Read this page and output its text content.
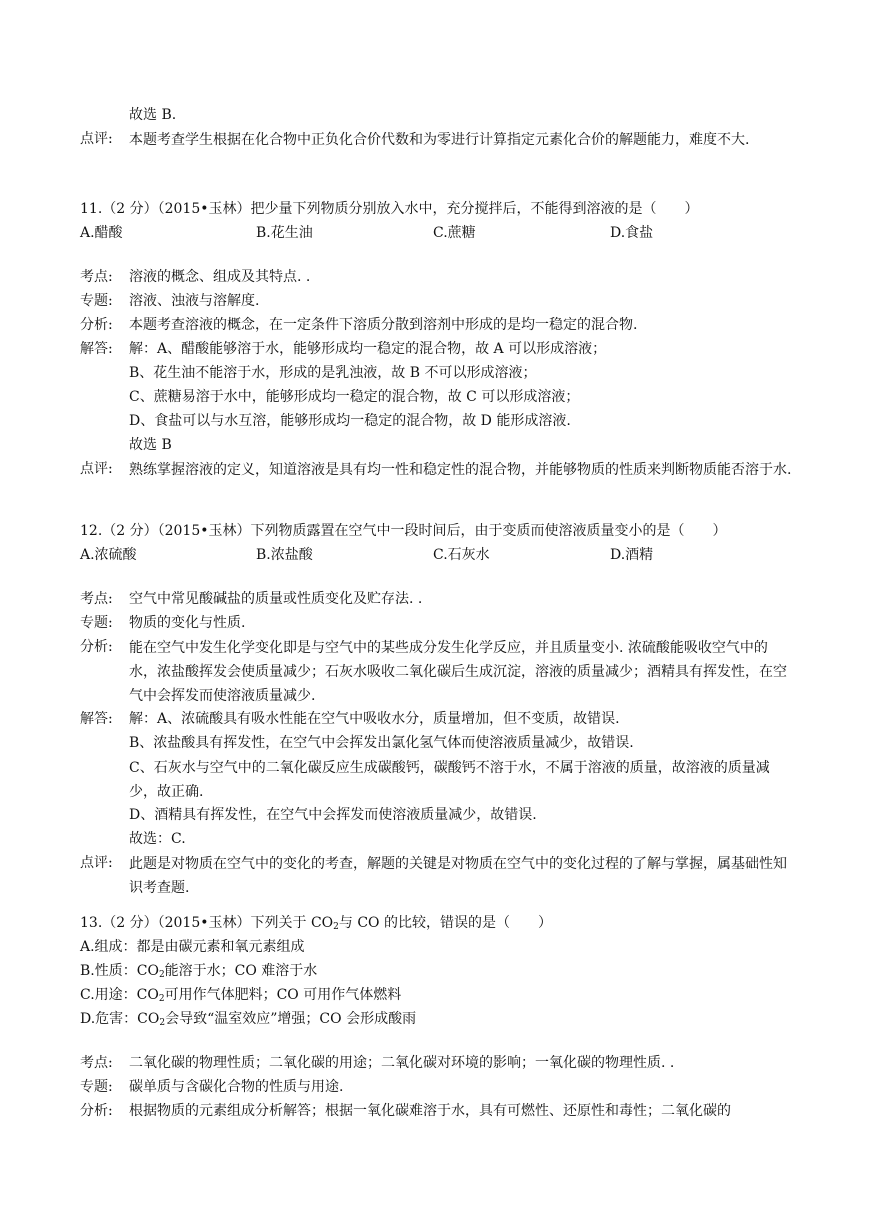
故选 B.
点评: 本题考查学生根据在化合物中正负化合价代数和为零进行计算指定元素化合价的解题能力，难度不大.
11.（2 分）（2015•玉林）把少量下列物质分别放入水中，充分搅拌后，不能得到溶液的是（　　）
A.醋酸	B.花生油	C.蔗糖	D.食盐
考点: 溶液的概念、组成及其特点. .
专题: 溶液、浊液与溶解度.
分析: 本题考查溶液的概念，在一定条件下溶质分散到溶剂中形成的是均一稳定的混合物.
解答: 解：A、醋酸能够溶于水，能够形成均一稳定的混合物，故 A 可以形成溶液；
B、花生油不能溶于水，形成的是乳浊液，故 B 不可以形成溶液；
C、蔗糖易溶于水中，能够形成均一稳定的混合物，故 C 可以形成溶液；
D、食盐可以与水互溶，能够形成均一稳定的混合物，故 D 能形成溶液.
故选 B
点评: 熟练掌握溶液的定义，知道溶液是具有均一性和稳定性的混合物，并能够物质的性质来判断物质能否溶于水.
12.（2 分）（2015•玉林）下列物质露置在空气中一段时间后，由于变质而使溶液质量变小的是（　　）
A.浓硫酸	B.浓盐酸	C.石灰水	D.酒精
考点: 空气中常见酸碱盐的质量或性质变化及贮存法. .
专题: 物质的变化与性质.
分析: 能在空气中发生化学变化即是与空气中的某些成分发生化学反应，并且质量变小. 浓硫酸能吸收空气中的水，浓盐酸挥发会使质量减少；石灰水吸收二氧化碳后生成沉淀，溶液的质量减少；酒精具有挥发性，在空气中会挥发而使溶液质量减少.
解答: 解：A、浓硫酸具有吸水性能在空气中吸收水分，质量增加，但不变质，故错误.
B、浓盐酸具有挥发性，在空气中会挥发出氯化氢气体而使溶液质量减少，故错误.
C、石灰水与空气中的二氧化碳反应生成碳酸钙，碳酸钙不溶于水，不属于溶液的质量，故溶液的质量减少，故正确.
D、酒精具有挥发性，在空气中会挥发而使溶液质量减少，故错误.
故选：C.
点评: 此题是对物质在空气中的变化的考查，解题的关键是对物质在空气中的变化过程的了解与掌握，属基础性知识考查题.
13.（2 分）（2015•玉林）下列关于 $CO_2$与 CO 的比较，错误的是（　　）
A.组成：都是由碳元素和氧元素组成
B.性质：$CO_2$能溶于水；CO 难溶于水
C.用途：$CO_2$可用作气体肥料；CO 可用作气体燃料
D.危害：$CO_2$会导致“温室效应”增强；CO 会形成酸雨
考点: 二氧化碳的物理性质；二氧化碳的用途；二氧化碳对环境的影响；一氧化碳的物理性质. .
专题: 碳单质与含碳化合物的性质与用途.
分析: 根据物质的元素组成分析解答；根据一氧化碳难溶于水，具有可燃性、还原性和毒性；二氧化碳的
